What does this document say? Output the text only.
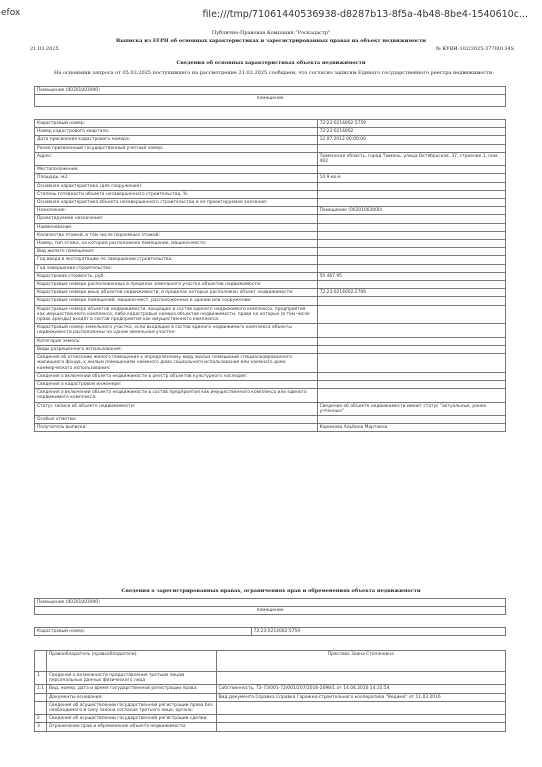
efox	file:///tmp/71061440536938-d8287b13-8f5a-4b48-8be4-1540610c...
Публично-Правовая Компания "Роскадастр"
Выписка из ЕГРН об основных характеристиках и зарегистрированных правах на объект недвижимости
21.03.2025	№ КУВИ-102/2025-37700134S
Сведения об основных характеристиках объекта недвижимости
На основании запроса от 05.03.2025 поступившего на рассмотрение 21.03.2025 сообщаем, что согласно записям Единого государственного реестра недвижимости:
Помещение (00201003000)
помещение
Кадастровый номер:	72:23:0214002:5759
Номер кадастрового квартала:	72:23:0214002
Дата присвоения кадастрового номера:	12.07.2012 00:00:00
Ранее присвоенный государственный учетный номер:	
Адрес:	Тюменская область, город Тюмень, улица Октябрьская, 37, строение 1, пом. 402
Местоположение:	
Площадь, м2:	14.9 кв.м
Основная характеристика (для сооружения):	
Степень готовности объекта незавершенного строительства, %:	
Основная характеристика объекта незавершенного строительства и ее проектируемое значение:	
Назначение:	Помещение (00201003000)
Проектируемое назначение:	
Наименование:	
Количество этажей, в том числе подземных этажей:	
Номер, тип этажа, на котором расположено помещение, машино-место:	
Вид жилого помещения:	
Год ввода в эксплуатацию по завершении строительства:	
Год завершения строительства:	
Кадастровая стоимость, руб.:	50 467.95
Кадастровые номера расположенных в пределах земельного участка объектов недвижимости:	
Кадастровые номера иных объектов недвижимости, в пределах которых расположен объект недвижимости:	72:23:0214002:2709
Кадастровые номера помещений, машино-мест, расположенных в здании или сооружении:	
Кадастровые номера объектов недвижимости, входящих в состав единого недвижимого комплекса, предприятия как имущественного комплекса, либо кадастровые номера объектов недвижимости, права на которые (в том числе право аренды) входят в состав предприятия как имущественного комплекса:	
Кадастровый номер земельного участка, если входящие в состав единого недвижимого комплекса объекты недвижимости расположены на одном земельном участке:	
Категория земель:	
Виды разрешенного использования:	
Сведения об отнесении жилого помещения к определенному виду жилых помещений специализированного жилищного фонда, к жилым помещениям наемного дома социального использования или наемного дома коммерческого использования:	
Сведения о включении объекта недвижимости в реестр объектов культурного наследия:	
Сведения о кадастровом инженере:	
Сведения о включении объекта недвижимости в состав предприятия как имущественного комплекса или единого недвижимого комплекса:	
Статус записи об объекте недвижимости:	Сведения об объекте недвижимости имеют статус "актуальные, ранее учтенные"
Особые отметки:	
Получатель выписки:	Кормнова Альбина Мартовна
Сведения о зарегистрированных правах, ограничениях прав и обременениях объекта недвижимости
Помещение (00201003000)
помещение
Кадастровый номер:	72:23:0214002:5759
	Правообладатель (правообладатели):	Пряслова Заяна Степановна
1	Сведения о возможности предоставления третьим лицам персональных данных физического лица	
1.1	Вид, номер, дата и время государственной регистрации права:	Собственность, 72-73/001-72/001/207/2016-2098/1 от 14.04.2016 14:35:54
	Документы-основания:	Вид документа Справка Справка Гаражно-строительного кооператива "Ведима" от 11.03.2016
	Сведения об осуществлении государственной регистрации права без необходимого в силу закона согласия третьего лица, органа:	
2	Сведения об осуществлении государственной регистрации сделки:	
3	Ограничение прав и обременение объекта недвижимости:	
